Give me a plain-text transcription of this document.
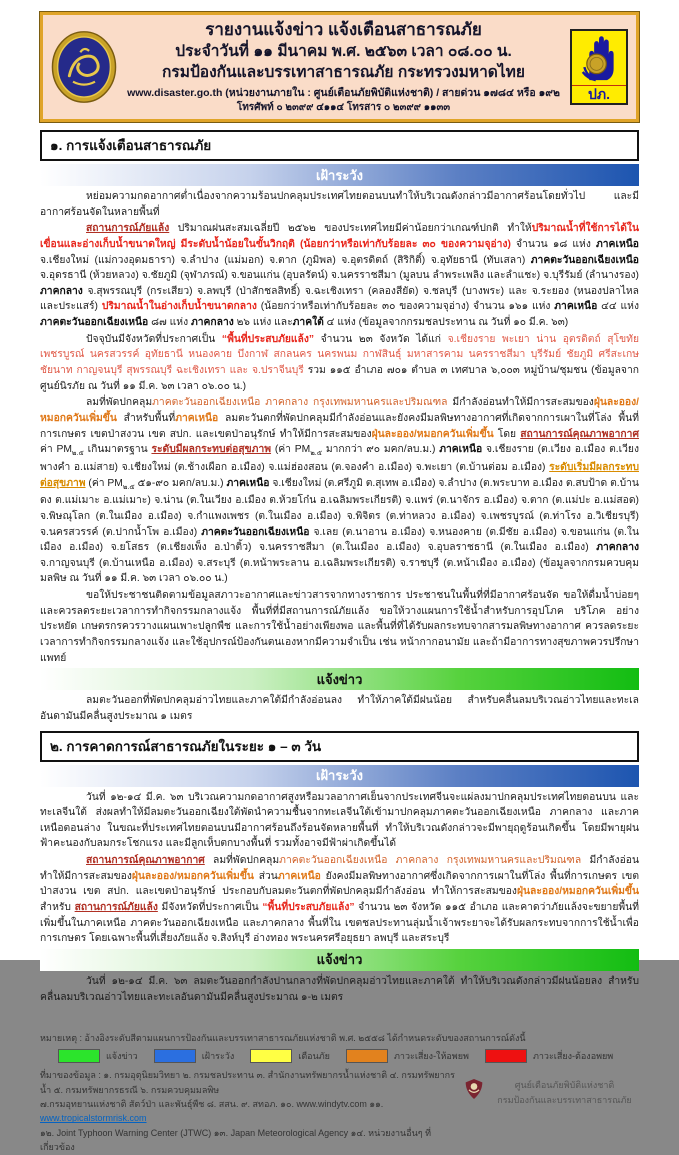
รายงานแจ้งข่าว แจ้งเตือนสาธารณภัย
ประจำวันที่ ๑๑ มีนาคม พ.ศ. ๒๕๖๓ เวลา ๐๘.๐๐ น.
กรมป้องกันและบรรเทาสาธารณภัย กระทรวงมหาดไทย
www.disaster.go.th (หน่วยงานภายใน : ศูนย์เตือนภัยพิบัติแห่งชาติ) / สายด่วน ๑๗๘๔ หรือ ๑๙๒
โทรศัพท์ ๐ ๒๓๙๙ ๔๑๑๔ โทรสาร ๐ ๒๓๙๙ ๑๑๓๓
ปภ.
๑. การแจ้งเตือนสาธารณภัย
เฝ้าระวัง

หย่อมความกดอากาศต่ำเนื่องจากความร้อนปกคลุมประเทศไทยตอนบนทำให้บริเวณดังกล่าวมีอากาศร้อนโดยทั่วไป และมีอากาศร้อนจัดในหลายพื้นที่

สถานการณ์ภัยแล้ง ปริมาณฝนสะสมเฉลี่ยปี ๒๕๖๒ ของประเทศไทยมีค่าน้อยกว่าเกณฑ์ปกติ ทำให้ปริมาณน้ำที่ใช้การได้ในเขื่อนและอ่างเก็บน้ำขนาดใหญ่ มีระดับน้ำน้อยในขั้นวิกฤติ (น้อยกว่าหรือเท่ากับร้อยละ ๓๐ ของความจุอ่าง) จำนวน ๑๘ แห่ง ภาคเหนือ จ.เชียงใหม่ (แม่กวงอุดมธารา) จ.ลำปาง (แม่มอก) จ.ตาก (ภูมิพล) จ.อุตรดิตถ์ (สิริกิติ์) จ.อุทัยธานี (ทับเสลา) ภาคตะวันออกเฉียงเหนือ จ.อุดรธานี (ห้วยหลวง) จ.ชัยภูมิ (จุฬาภรณ์) จ.ขอนแก่น (อุบลรัตน์) จ.นครราชสีมา (มูลบน ลำพระเพลิง และลำแชะ) จ.บุรีรัมย์ (ลำนางรอง) ภาคกลาง จ.สุพรรณบุรี (กระเสียว) จ.ลพบุรี (ป่าสักชลสิทธิ์) จ.ฉะเชิงเทรา (คลองสียัด) จ.ชลบุรี (บางพระ) และ จ.ระยอง (หนองปลาไหล และประแสร์) ปริมาณน้ำในอ่างเก็บน้ำขนาดกลาง (น้อยกว่าหรือเท่ากับร้อยละ ๓๐ ของความจุอ่าง) จำนวน ๑๖๑ แห่ง ภาคเหนือ ๔๔ แห่ง ภาคตะวันออกเฉียงเหนือ ๘๗ แห่ง ภาคกลาง ๒๖ แห่ง และภาคใต้ ๔ แห่ง (ข้อมูลจากกรมชลประทาน ณ วันที่ ๑๐ มี.ค. ๖๓)

ปัจจุบันมีจังหวัดที่ประกาศเป็น “พื้นที่ประสบภัยแล้ง” จำนวน ๒๓ จังหวัด ได้แก่ จ.เชียงราย พะเยา น่าน อุตรดิตถ์ สุโขทัย เพชรบูรณ์ นครสวรรค์ อุทัยธานี หนองคาย บึงกาฬ สกลนคร นครพนม กาฬสินธุ์ มหาสารคาม นครราชสีมา บุรีรัมย์ ชัยภูมิ ศรีสะเกษ ชัยนาท กาญจนบุรี สุพรรณบุรี ฉะเชิงเทรา และ จ.ปราจีนบุรี รวม ๑๑๕ อำเภอ ๗๐๑ ตำบล ๓ เทศบาล ๖,๐๐๓ หมู่บ้าน/ชุมชน (ข้อมูลจากศูนย์นิรภัย ณ วันที่ ๑๑ มี.ค. ๖๓ เวลา ๐๖.๐๐ น.)

ลมที่พัดปกคลุมภาคตะวันออกเฉียงเหนือ ภาคกลาง กรุงเทพมหานครและปริมณฑล มีกำลังอ่อนทำให้มีการสะสมของฝุ่นละออง/หมอกควันเพิ่มขึ้น สำหรับพื้นที่ภาคเหนือ ลมตะวันตกที่พัดปกคลุมมีกำลังอ่อนและยังคงมีมลพิษทางอากาศที่เกิดจากการเผาในที่โล่ง พื้นที่การเกษตร เขตป่าสงวน เขต สปก. และเขตป่าอนุรักษ์ ทำให้มีการสะสมของฝุ่นละออง/หมอกควันเพิ่มขึ้น โดย สถานการณ์คุณภาพอากาศ ค่า $PM_{๒.๕}$ เกินมาตรฐาน ระดับมีผลกระทบต่อสุขภาพ (ค่า $PM_{๒.๕}$ มากกว่า ๙๐ มคก/ลบ.ม.) ภาคเหนือ จ.เชียงราย (ต.เวียง อ.เมือง ต.เวียงพางคำ อ.แม่สาย) จ.เชียงใหม่ (ต.ช้างเผือก อ.เมือง) จ.แม่ฮ่องสอน (ต.จองคำ อ.เมือง) จ.พะเยา (ต.บ้านต่อม อ.เมือง) ระดับเริ่มมีผลกระทบต่อสุขภาพ (ค่า $PM_{๒.๕}$ ๕๑-๙๐ มคก/ลบ.ม.) ภาคเหนือ จ.เชียงใหม่ (ต.ศรีภูมิ ต.สุเทพ อ.เมือง) จ.ลำปาง (ต.พระบาท อ.เมือง ต.สบป้าด ต.บ้านดง ต.แม่เมาะ อ.แม่เมาะ) จ.น่าน (ต.ในเวียง อ.เมือง ต.ห้วยโก๋น อ.เฉลิมพระเกียรติ) จ.แพร่ (ต.นาจักร อ.เมือง) จ.ตาก (ต.แม่ปะ อ.แม่สอด) จ.พิษณุโลก (ต.ในเมือง อ.เมือง) จ.กำแพงเพชร (ต.ในเมือง อ.เมือง) จ.พิจิตร (ต.ท่าหลวง อ.เมือง) จ.เพชรบูรณ์ (ต.ท่าโรง อ.วิเชียรบุรี) จ.นครสวรรค์ (ต.ปากน้ำโพ อ.เมือง) ภาคตะวันออกเฉียงเหนือ จ.เลย (ต.นาอาน อ.เมือง) จ.หนองคาย (ต.มีชัย อ.เมือง) จ.ขอนแก่น (ต.ในเมือง อ.เมือง) จ.ยโสธร (ต.เชียงเพ็ง อ.ป่าติ้ว) จ.นครราชสีมา (ต.ในเมือง อ.เมือง) จ.อุบลราชธานี (ต.ในเมือง อ.เมือง) ภาคกลาง จ.กาญจนบุรี (ต.บ้านเหนือ อ.เมือง) จ.สระบุรี (ต.หน้าพระลาน อ.เฉลิมพระเกียรติ) จ.ราชบุรี (ต.หน้าเมือง อ.เมือง) (ข้อมูลจากกรมควบคุมมลพิษ ณ วันที่ ๑๑ มี.ค. ๖๓ เวลา ๐๖.๐๐ น.)

ขอให้ประชาชนติดตามข้อมูลสภาวะอากาศและข่าวสารจากทางราชการ ประชาชนในพื้นที่ที่มีอากาศร้อนจัด ขอให้ดื่มน้ำบ่อยๆ และควรลดระยะเวลาการทำกิจกรรมกลางแจ้ง พื้นที่ที่มีสถานการณ์ภัยแล้ง ขอให้วางแผนการใช้น้ำสำหรับการอุปโภค บริโภค อย่างประหยัด เกษตรกรควรวางแผนเพาะปลูกพืช และการใช้น้ำอย่างเพียงพอ และพื้นที่ที่ได้รับผลกระทบจากสารมลพิษทางอากาศ ควรลดระยะเวลาการทำกิจกรรมกลางแจ้ง และใช้อุปกรณ์ป้องกันตนเองหากมีความจำเป็น เช่น หน้ากากอนามัย และถ้ามีอาการทางสุขภาพควรปรึกษาแพทย์

แจ้งข่าว

ลมตะวันออกที่พัดปกคลุมอ่าวไทยและภาคใต้มีกำลังอ่อนลง ทำให้ภาคใต้มีฝนน้อย สำหรับคลื่นลมบริเวณอ่าวไทยและทะเลอันดามันมีคลื่นสูงประมาณ ๑ เมตร

๒. การคาดการณ์สาธารณภัยในระยะ ๑ – ๓ วัน
เฝ้าระวัง

วันที่ ๑๒-๑๔ มี.ค. ๖๓ บริเวณความกดอากาศสูงหรือมวลอากาศเย็นจากประเทศจีนจะแผ่ลงมาปกคลุมประเทศไทยตอนบน และทะเลจีนใต้ ส่งผลทำให้มีลมตะวันออกเฉียงใต้พัดนำความชื้นจากทะเลจีนใต้เข้ามาปกคลุมภาคตะวันออกเฉียงเหนือ ภาคกลาง และภาคเหนือตอนล่าง ในขณะที่ประเทศไทยตอนบนมีอากาศร้อนถึงร้อนจัดหลายพื้นที่ ทำให้บริเวณดังกล่าวจะมีพายุฤดูร้อนเกิดขึ้น โดยมีพายุฝนฟ้าคะนองกับลมกระโชกแรง และมีลูกเห็บตกบางพื้นที่ รวมทั้งอาจมีฟ้าผ่าเกิดขึ้นได้

สถานการณ์คุณภาพอากาศ ลมที่พัดปกคลุมภาคตะวันออกเฉียงเหนือ ภาคกลาง กรุงเทพมหานครและปริมณฑล มีกำลังอ่อนทำให้มีการสะสมของฝุ่นละออง/หมอกควันเพิ่มขึ้น ส่วนภาคเหนือ ยังคงมีมลพิษทางอากาศซึ่งเกิดจากการเผาในที่โล่ง พื้นที่การเกษตร เขตป่าสงวน เขต สปก. และเขตป่าอนุรักษ์ ประกอบกับลมตะวันตกที่พัดปกคลุมมีกำลังอ่อน ทำให้การสะสมของฝุ่นละออง/หมอกควันเพิ่มขึ้น สำหรับ สถานการณ์ภัยแล้ง มีจังหวัดที่ประกาศเป็น “พื้นที่ประสบภัยแล้ง” จำนวน ๒๓ จังหวัด ๑๑๕ อำเภอ และคาดว่าภัยแล้งจะขยายพื้นที่เพิ่มขึ้นในภาคเหนือ ภาคตะวันออกเฉียงเหนือ และภาคกลาง พื้นที่ใน เขตชลประทานลุ่มน้ำเจ้าพระยาจะได้รับผลกระทบจากการใช้น้ำเพื่อการเกษตร โดยเฉพาะพื้นที่เสี่ยงภัยแล้ง จ.สิงห์บุรี อ่างทอง พระนครศรีอยุธยา ลพบุรี และสระบุรี

แจ้งข่าว

วันที่ ๑๒-๑๔ มี.ค. ๖๓ ลมตะวันออกกำลังปานกลางที่พัดปกคลุมอ่าวไทยและภาคใต้ ทำให้บริเวณดังกล่าวมีฝนน้อยลง สำหรับคลื่นลมบริเวณอ่าวไทยและทะเลอันดามันมีคลื่นสูงประมาณ ๑-๒ เมตร

หมายเหตุ : อ้างอิงระดับสีตามแผนการป้องกันและบรรเทาสาธารณภัยแห่งชาติ พ.ศ. ๒๕๕๘ ได้กำหนดระดับของสถานการณ์ดังนี้
แจ้งข่าว	เฝ้าระวัง	เตือนภัย	ภาวะเสี่ยง-ให้อพยพ	ภาวะเสี่ยง-ต้องอพยพ
ที่มาของข้อมูล : ๑. กรมอุตุนิยมวิทยา ๒. กรมชลประทาน ๓. สำนักงานทรัพยากรน้ำแห่งชาติ ๔. กรมทรัพยากรน้ำ ๕. กรมทรัพยากรธรณี ๖. กรมควบคุมมลพิษ
๗.กรมอุทยานแห่งชาติ สัตว์ป่า และพันธุ์พืช ๘. สสน. ๙. สทอภ. ๑๐. www.windytv.com ๑๑. www.tropicalstormrisk.com
๑๒. Joint Typhoon Warning Center (JTWC) ๑๓. Japan Meteorological Agency ๑๔. หน่วยงานอื่นๆ ที่เกี่ยวข้อง
ศูนย์เตือนภัยพิบัติแห่งชาติ
กรมป้องกันและบรรเทาสาธารณภัย
